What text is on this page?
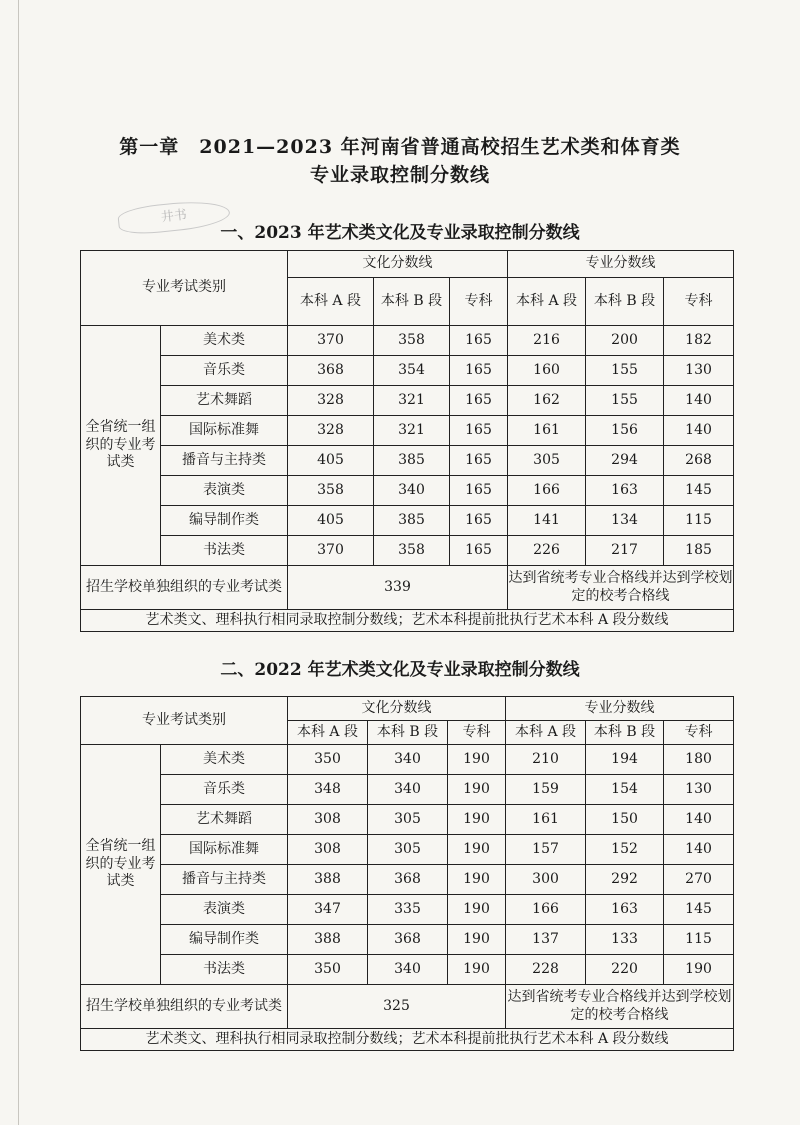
第一章　2021—2023 年河南省普通高校招生艺术类和体育类
专业录取控制分数线
井书
一、2023 年艺术类文化及专业录取控制分数线
专业考试类别		文化分数线			专业分数线		
		本科 A 段	本科 B 段	专科	本科 A 段	本科 B 段	专科
全省统一组织的专业考试类	美术类	370	358	165	216	200	182
	音乐类	368	354	165	160	155	130
	艺术舞蹈	328	321	165	162	155	140
	国际标准舞	328	321	165	161	156	140
	播音与主持类	405	385	165	305	294	268
	表演类	358	340	165	166	163	145
	编导制作类	405	385	165	141	134	115
	书法类	370	358	165	226	217	185
招生学校单独组织的专业考试类		339			达到省统考专业合格线并达到学校划定的校考合格线		
艺术类文、理科执行相同录取控制分数线；艺术本科提前批执行艺术本科 A 段分数线							
二、2022 年艺术类文化及专业录取控制分数线
专业考试类别		文化分数线			专业分数线		
		本科 A 段	本科 B 段	专科	本科 A 段	本科 B 段	专科
全省统一组织的专业考试类	美术类	350	340	190	210	194	180
	音乐类	348	340	190	159	154	130
	艺术舞蹈	308	305	190	161	150	140
	国际标准舞	308	305	190	157	152	140
	播音与主持类	388	368	190	300	292	270
	表演类	347	335	190	166	163	145
	编导制作类	388	368	190	137	133	115
	书法类	350	340	190	228	220	190
招生学校单独组织的专业考试类		325			达到省统考专业合格线并达到学校划定的校考合格线		
艺术类文、理科执行相同录取控制分数线；艺术本科提前批执行艺术本科 A 段分数线							
